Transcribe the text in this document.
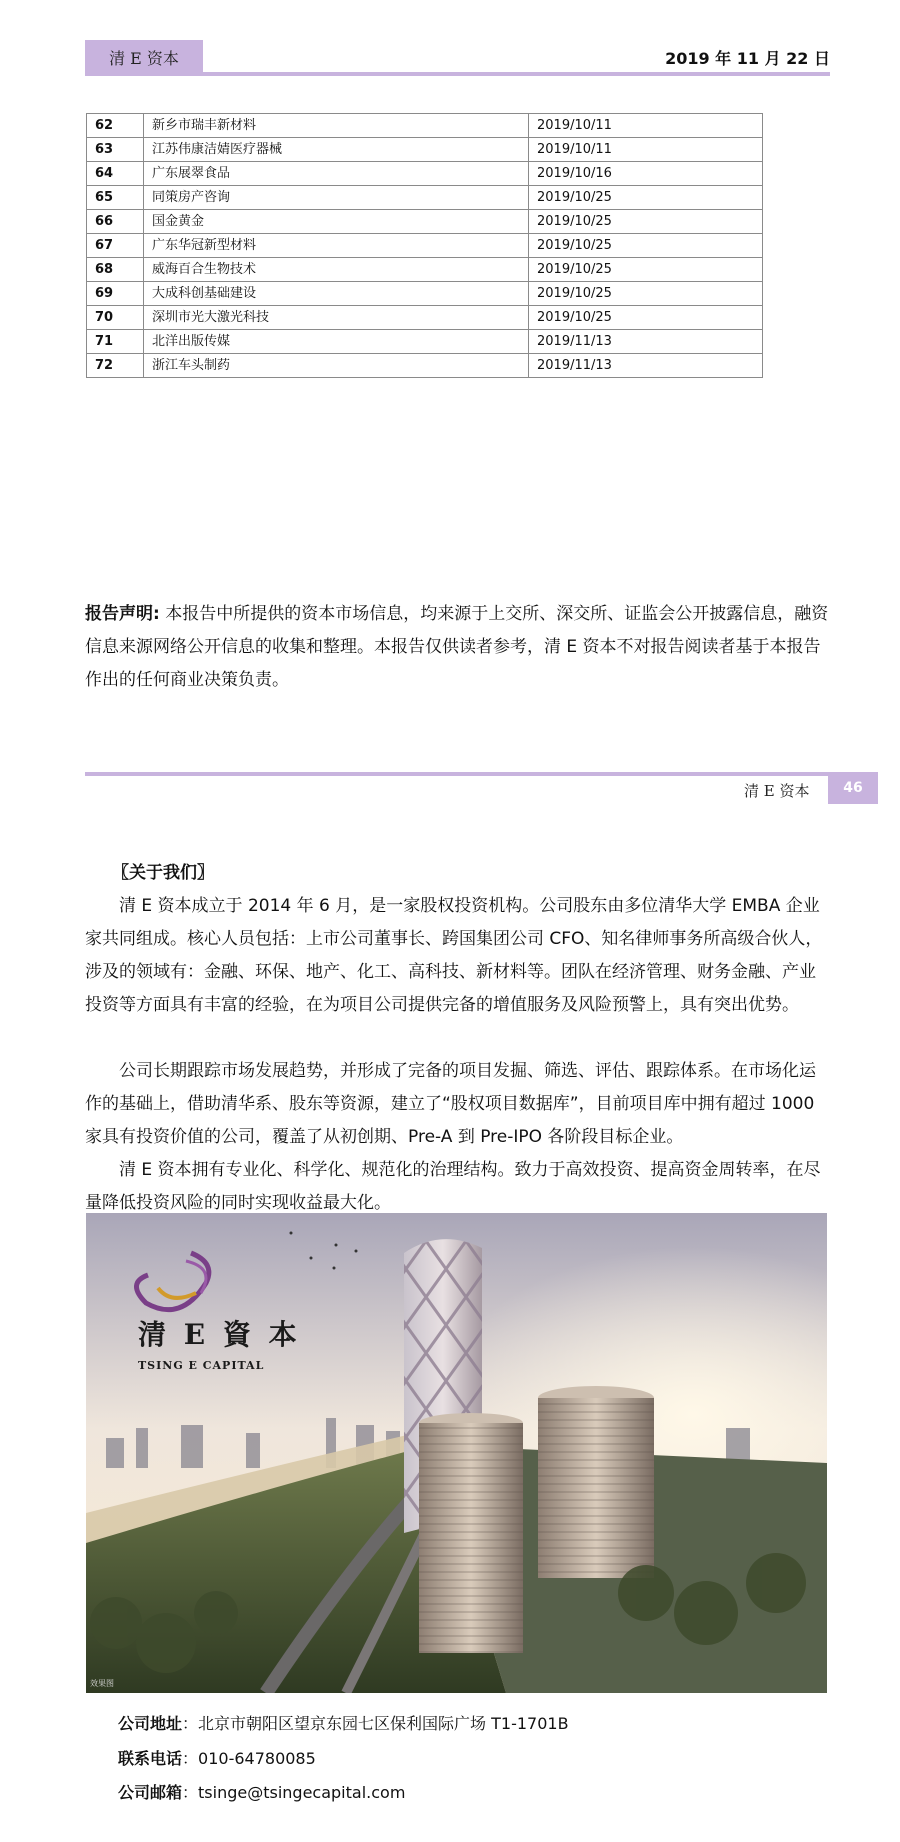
清 E 资本	2019 年 11 月 22 日
62	新乡市瑞丰新材料	2019/10/11
63	江苏伟康洁婧医疗器械	2019/10/11
64	广东展翠食品	2019/10/16
65	同策房产咨询	2019/10/25
66	国金黄金	2019/10/25
67	广东华冠新型材料	2019/10/25
68	威海百合生物技术	2019/10/25
69	大成科创基础建设	2019/10/25
70	深圳市光大激光科技	2019/10/25
71	北洋出版传媒	2019/11/13
72	浙江车头制药	2019/11/13
报告声明: 本报告中所提供的资本市场信息，均来源于上交所、深交所、证监会公开披露信息，融资信息来源网络公开信息的收集和整理。本报告仅供读者参考，清 E 资本不对报告阅读者基于本报告作出的任何商业决策负责。
清 E 资本 46
〖关于我们〗
清 E 资本成立于 2014 年 6 月，是一家股权投资机构。公司股东由多位清华大学 EMBA 企业家共同组成。核心人员包括：上市公司董事长、跨国集团公司 CFO、知名律师事务所高级合伙人，涉及的领域有：金融、环保、地产、化工、高科技、新材料等。团队在经济管理、财务金融、产业投资等方面具有丰富的经验，在为项目公司提供完备的增值服务及风险预警上，具有突出优势。
公司长期跟踪市场发展趋势，并形成了完备的项目发掘、筛选、评估、跟踪体系。在市场化运作的基础上，借助清华系、股东等资源，建立了“股权项目数据库”，目前项目库中拥有超过 1000 家具有投资价值的公司，覆盖了从初创期、Pre-A 到 Pre-IPO 各阶段目标企业。
清 E 资本拥有专业化、科学化、规范化的治理结构。致力于高效投资、提高资金周转率，在尽量降低投资风险的同时实现收益最大化。
清 E 資 本
TSING E CAPITAL
效果图
公司地址：北京市朝阳区望京东园七区保利国际广场 T1-1701B
联系电话：010-64780085
公司邮箱：tsinge@tsingecapital.com
